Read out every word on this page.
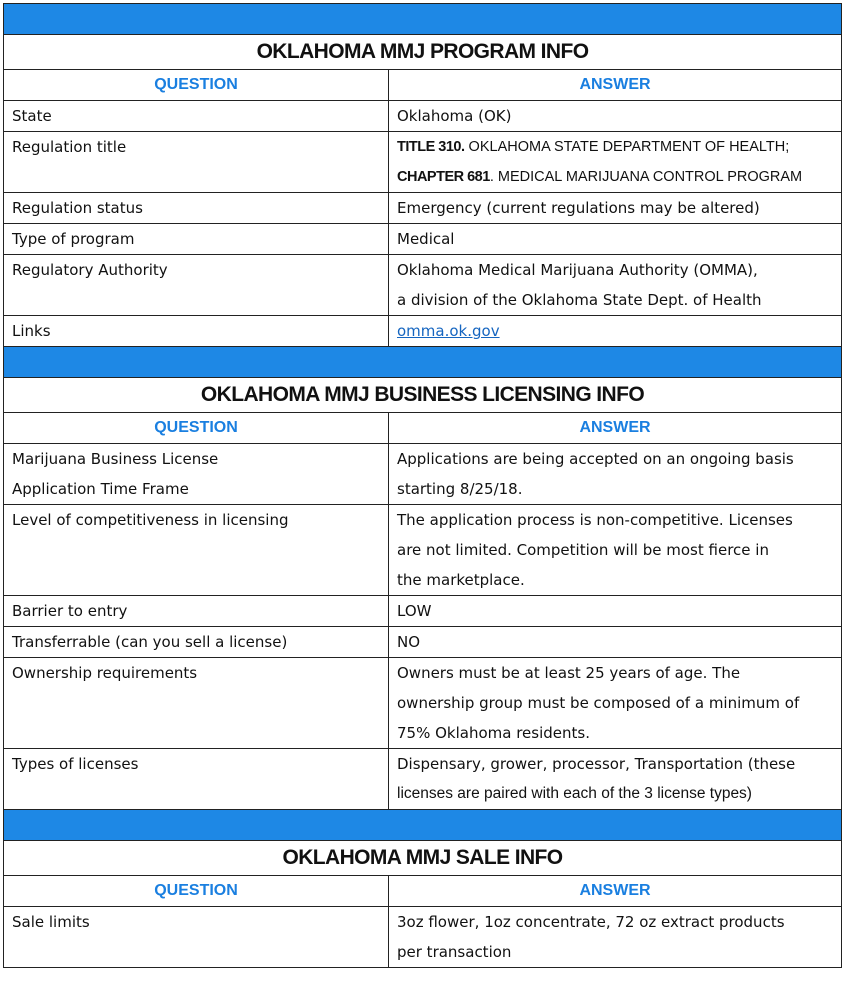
OKLAHOMA MMJ PROGRAM INFO	
QUESTION	ANSWER
State	Oklahoma (OK)
Regulation title	TITLE 310. OKLAHOMA STATE DEPARTMENT OF HEALTH;
CHAPTER 681. MEDICAL MARIJUANA CONTROL PROGRAM

Regulation status	Emergency (current regulations may be altered)
Type of program	Medical
Regulatory Authority	Oklahoma Medical Marijuana Authority (OMMA),
a division of the Oklahoma State Dept. of Health

Links	omma.ok.gov

OKLAHOMA MMJ BUSINESS LICENSING INFO	
QUESTION	ANSWER

Marijuana Business License
Application Time Frame	Applications are being accepted on an ongoing basis
starting 8/25/18.

Level of competitiveness in licensing	The application process is non-competitive. Licenses
are not limited. Competition will be most fierce in
the marketplace.

Barrier to entry	LOW
Transferrable (can you sell a license)	NO
Ownership requirements	Owners must be at least 25 years of age. The
ownership group must be composed of a minimum of
75% Oklahoma residents.

Types of licenses	Dispensary, grower, processor, Transportation (these
licenses are paired with each of the 3 license types)

OKLAHOMA MMJ SALE INFO	
QUESTION	ANSWER
Sale limits	3oz flower, 1oz concentrate, 72 oz extract products
per transaction
